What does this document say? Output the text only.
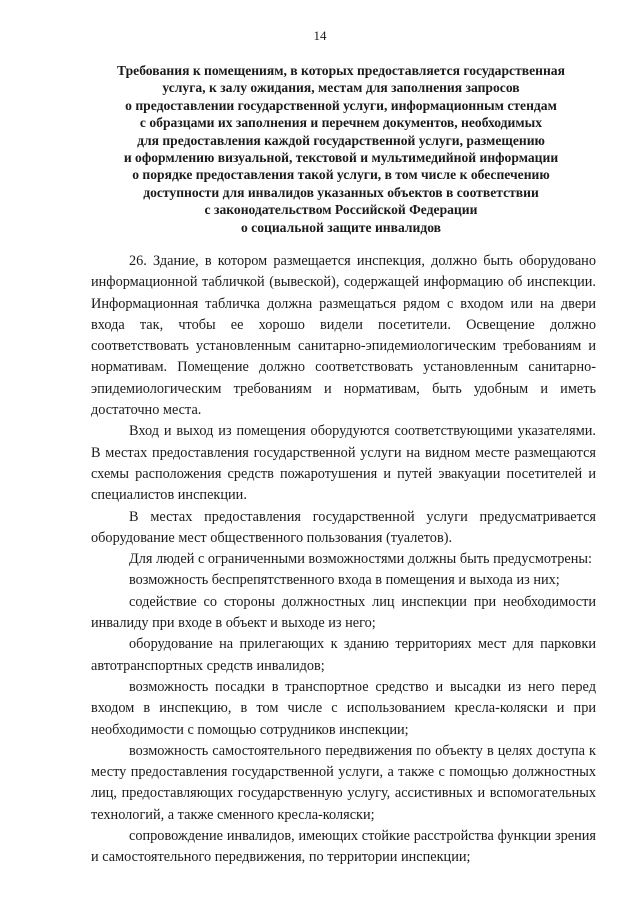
14
Требования к помещениям, в которых предоставляется государственная
услуга, к залу ожидания, местам для заполнения запросов
о предоставлении государственной услуги, информационным стендам
с образцами их заполнения и перечнем документов, необходимых
для предоставления каждой государственной услуги, размещению
и оформлению визуальной, текстовой и мультимедийной информации
о порядке предоставления такой услуги, в том числе к обеспечению
доступности для инвалидов указанных объектов в соответствии
с законодательством Российской Федерации
о социальной защите инвалидов

26. Здание, в котором размещается инспекция, должно быть оборудовано информационной табличкой (вывеской), содержащей информацию об инспекции. Информационная табличка должна размещаться рядом с входом или на двери входа так, чтобы ее хорошо видели посетители. Освещение должно соответствовать установленным санитарно-эпидемиологическим требованиям и нормативам. Помещение должно соответствовать установленным санитарно-эпидемиологическим требованиям и нормативам, быть удобным и иметь достаточно места.

Вход и выход из помещения оборудуются соответствующими указателями. В местах предоставления государственной услуги на видном месте размещаются схемы расположения средств пожаротушения и путей эвакуации посетителей и специалистов инспекции.

В местах предоставления государственной услуги предусматривается оборудование мест общественного пользования (туалетов).

Для людей с ограниченными возможностями должны быть предусмотрены:

возможность беспрепятственного входа в помещения и выхода из них;

содействие со стороны должностных лиц инспекции при необходимости инвалиду при входе в объект и выходе из него;

оборудование на прилегающих к зданию территориях мест для парковки автотранспортных средств инвалидов;

возможность посадки в транспортное средство и высадки из него перед входом в инспекцию, в том числе с использованием кресла-коляски и при необходимости с помощью сотрудников инспекции;

возможность самостоятельного передвижения по объекту в целях доступа к месту предоставления государственной услуги, а также с помощью должностных лиц, предоставляющих государственную услугу, ассистивных и вспомогательных технологий, а также сменного кресла-коляски;

сопровождение инвалидов, имеющих стойкие расстройства функции зрения и самостоятельного передвижения, по территории инспекции;
